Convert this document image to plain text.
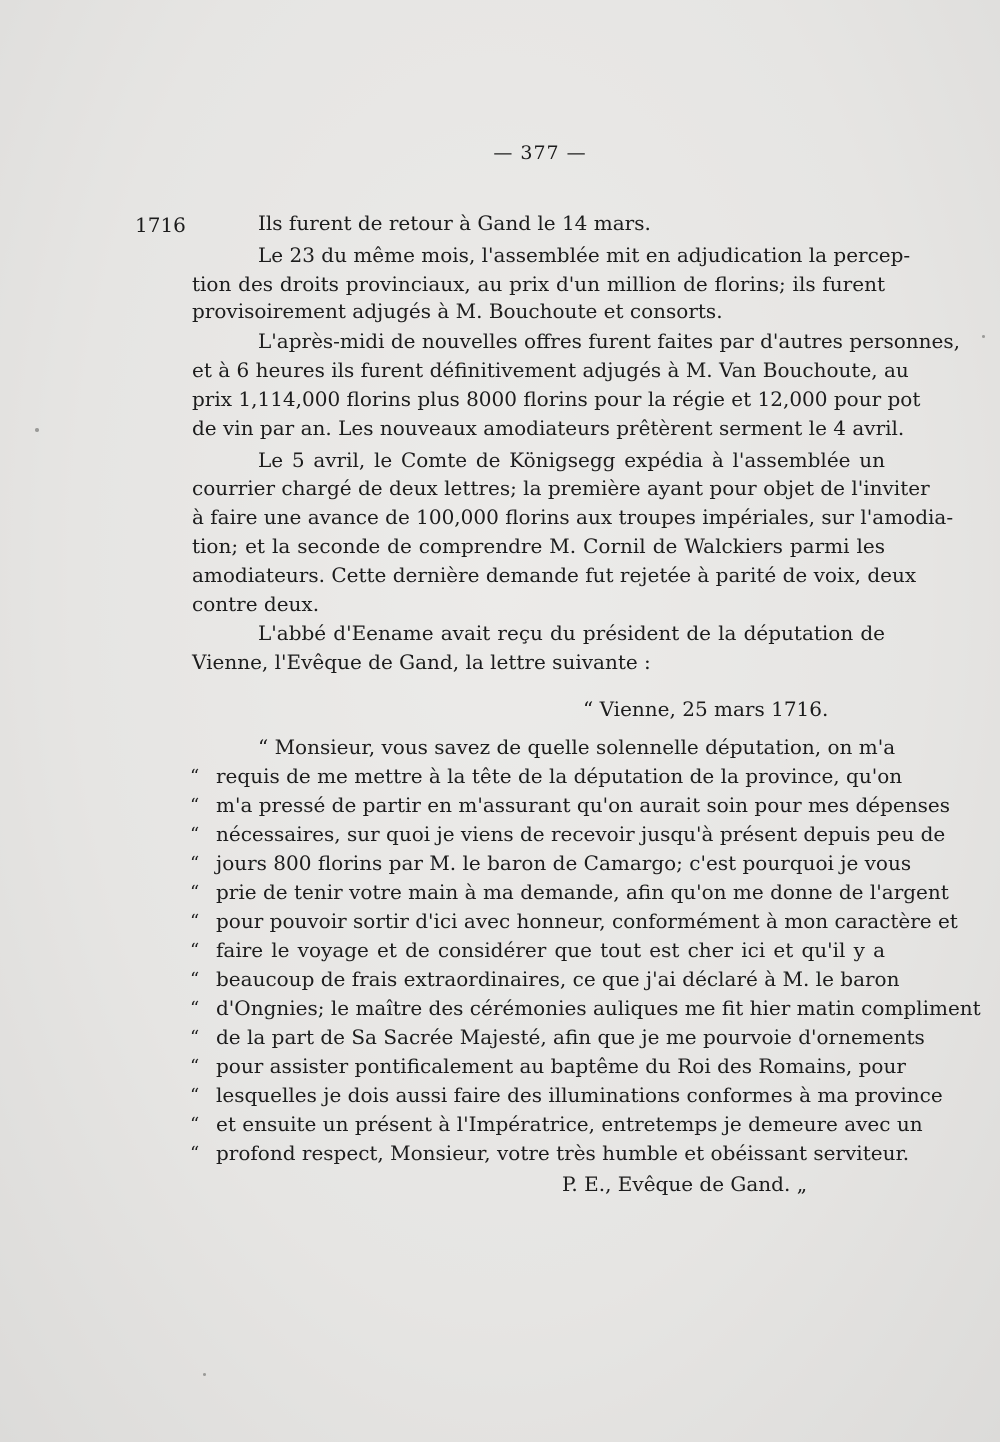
— 377 —
1716	Ils furent de retour à Gand le 14 mars.
Le 23 du même mois, l'assemblée mit en adjudication la percep-
tion des droits provinciaux, au prix d'un million de florins; ils furent
provisoirement adjugés à M. Bouchoute et consorts.
L'après-midi de nouvelles offres furent faites par d'autres personnes,
et à 6 heures ils furent définitivement adjugés à M. Van Bouchoute, au
prix 1,114,000 florins plus 8000 florins pour la régie et 12,000 pour pot
de vin par an. Les nouveaux amodiateurs prêtèrent serment le 4 avril.
Le 5 avril, le Comte de Königsegg expédia à l'assemblée un
courrier chargé de deux lettres; la première ayant pour objet de l'inviter
à faire une avance de 100,000 florins aux troupes impériales, sur l'amodia-
tion; et la seconde de comprendre M. Cornil de Walckiers parmi les
amodiateurs. Cette dernière demande fut rejetée à parité de voix, deux
contre deux.
L'abbé d'Eename avait reçu du président de la députation de
Vienne, l'Evêque de Gand, la lettre suivante :
“ Vienne, 25 mars 1716.
“ Monsieur, vous savez de quelle solennelle députation, on m'a
“ requis de me mettre à la tête de la députation de la province, qu'on
“ m'a pressé de partir en m'assurant qu'on aurait soin pour mes dépenses
“ nécessaires, sur quoi je viens de recevoir jusqu'à présent depuis peu de
“ jours 800 florins par M. le baron de Camargo; c'est pourquoi je vous
“ prie de tenir votre main à ma demande, afin qu'on me donne de l'argent
“ pour pouvoir sortir d'ici avec honneur, conformément à mon caractère et
“ faire le voyage et de considérer que tout est cher ici et qu'il y a
“ beaucoup de frais extraordinaires, ce que j'ai déclaré à M. le baron
“ d'Ongnies; le maître des cérémonies auliques me fit hier matin compliment
“ de la part de Sa Sacrée Majesté, afin que je me pourvoie d'ornements
“ pour assister pontificalement au baptême du Roi des Romains, pour
“ lesquelles je dois aussi faire des illuminations conformes à ma province
“ et ensuite un présent à l'Impératrice, entretemps je demeure avec un
“ profond respect, Monsieur, votre très humble et obéissant serviteur.
P. E., Evêque de Gand. „
